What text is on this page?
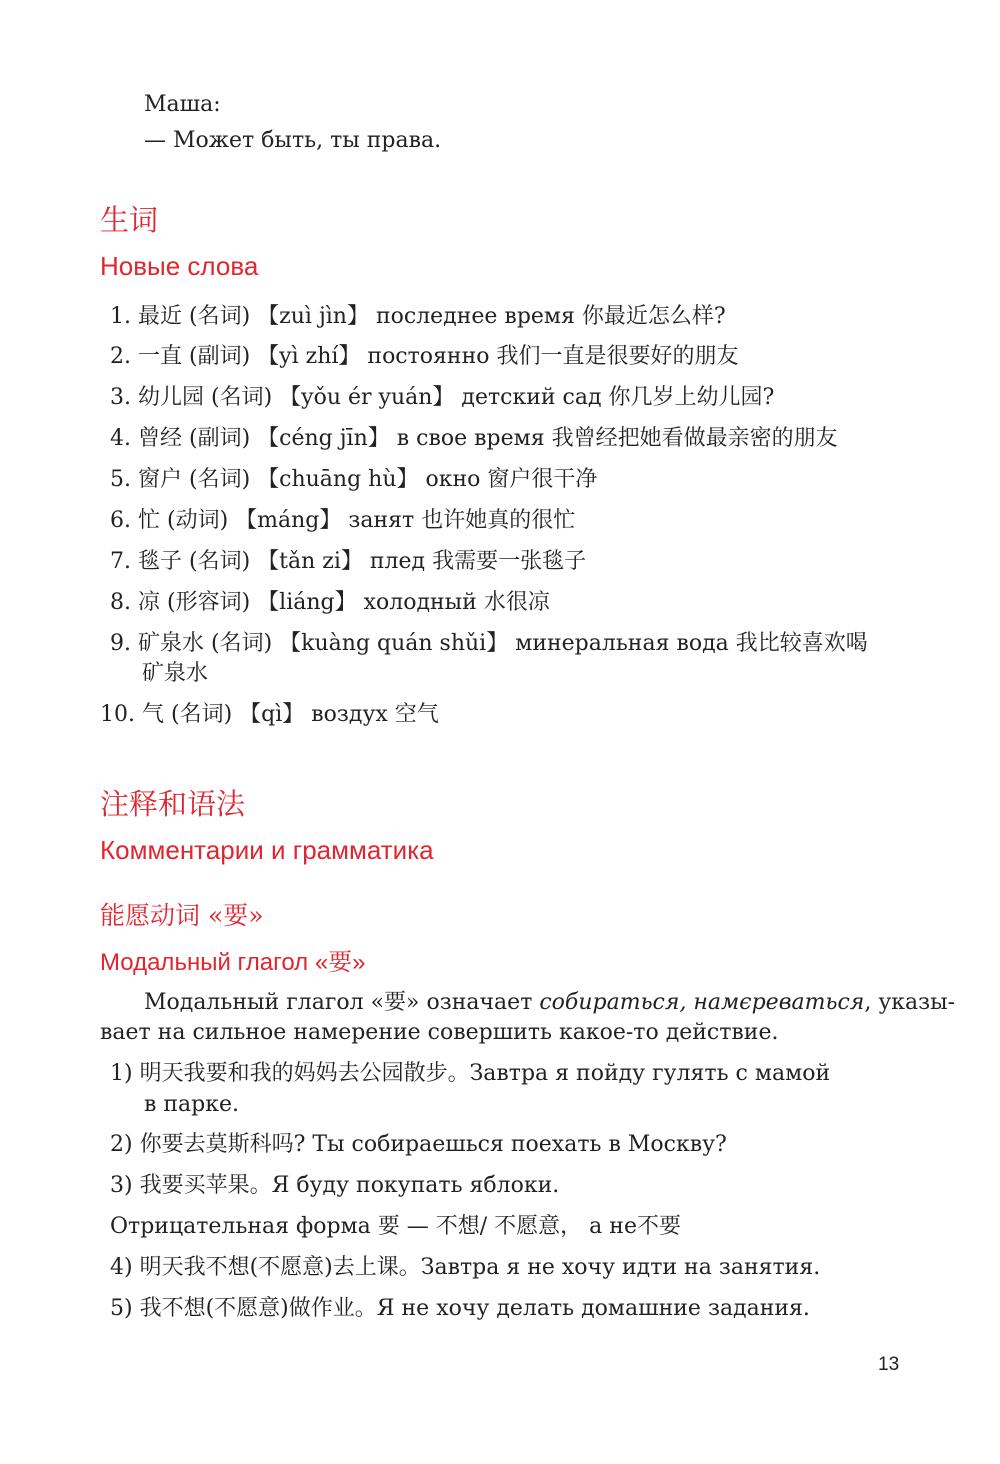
Маша:
— Может быть, ты права.
生词
Новые слова
1. 最近 (名词) 【zuì jìn】 последнее время 你最近怎么样?
2. 一直 (副词) 【yì zhí】 постоянно 我们一直是很要好的朋友
3. 幼儿园 (名词) 【yǒu ér yuán】 детский сад 你几岁上幼儿园?
4. 曾经 (副词) 【céng jīn】 в свое время 我曾经把她看做最亲密的朋友
5. 窗户 (名词) 【chuāng hù】 окно 窗户很干净
6. 忙 (动词) 【máng】 занят 也许她真的很忙
7. 毯子 (名词) 【tǎn zi】 плед 我需要一张毯子
8. 凉 (形容词) 【liáng】 холодный 水很凉
9. 矿泉水 (名词) 【kuàng quán shǔi】 минеральная вода 我比较喜欢喝
矿泉水
10. 气 (名词) 【qì】 воздух 空气
注释和语法
Комментарии и грамматика
能愿动词 «要»
Модальный глагол «要»
Модальный глагол «要» означает собираться, намєреваться, указы-
вает на сильное намерение совершить какое-то действие.
1) 明天我要和我的妈妈去公园散步。Завтра я пойду гулять с мамой
в парке.
2) 你要去莫斯科吗? Ты собираешься поехать в Москву?
3) 我要买苹果。Я буду покупать яблоки.
Отрицательная форма 要 — 不想/ 不愿意， а не不要
4) 明天我不想(不愿意)去上课。Завтра я не хочу идти на занятия.
5) 我不想(不愿意)做作业。Я не хочу делать домашние задания.
13
